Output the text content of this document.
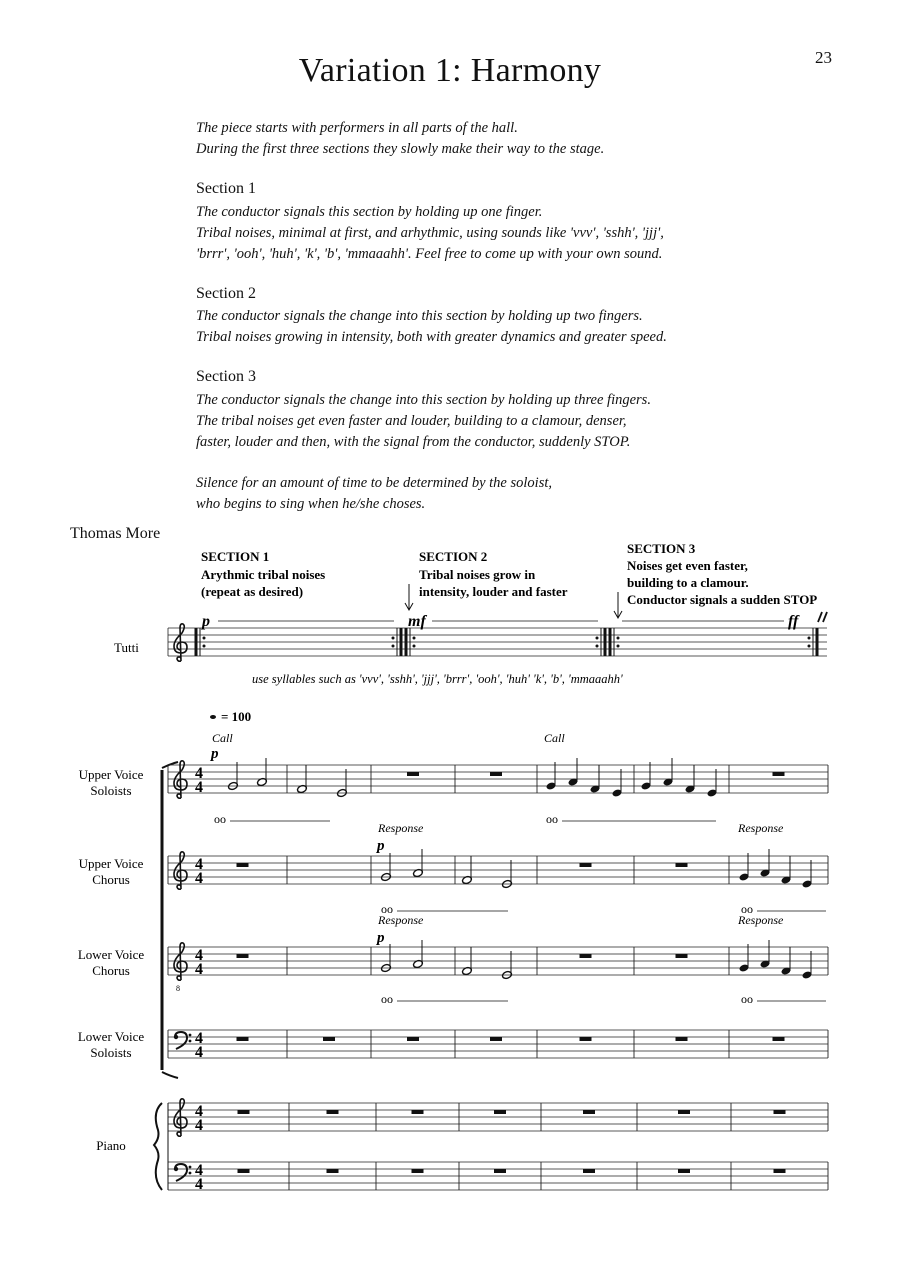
Variation 1: Harmony	23
The piece starts with performers in all parts of the hall.
During the first three sections they slowly make their way to the stage.
Section 1
The conductor signals this section by holding up one finger.
Tribal noises, minimal at first, and arhythmic, using sounds like 'vvv', 'sshh', 'jjj',
'brrr', 'ooh', 'huh', 'k', 'b', 'mmaaahh'. Feel free to come up with your own sound.
Section 2
The conductor signals the change into this section by holding up two fingers.
Tribal noises growing in intensity, both with greater dynamics and greater speed.
Section 3
The conductor signals the change into this section by holding up three fingers.
The tribal noises get even faster and louder, building to a clamour, denser,
faster, louder and then, with the signal from the conductor, suddenly STOP.
Silence for an amount of time to be determined by the soloist,
who begins to sing when he/she choses.
Thomas More
SECTION 1
Arythmic tribal noises
(repeat as desired)
SECTION 2
Tribal noises grow in
intensity, louder and faster
SECTION 3
Noises get even faster,
building to a clamour.
Conductor signals a sudden STOP
Tutti
p	mf	ff
use syllables such as 'vvv', 'sshh', 'jjj', 'brrr', 'ooh', 'huh' 'k', 'b', 'mmaaahh'
= 100
Upper Voice
Soloists
Upper Voice
Chorus
Lower Voice
Chorus
Lower Voice
Soloists
Piano
4
4
4
4
8
4
4
4
4
4
4
4
4
Call	Call
Response	Response
Response	Response
p
p
p
oo	oo
oo	oo
oo	oo
